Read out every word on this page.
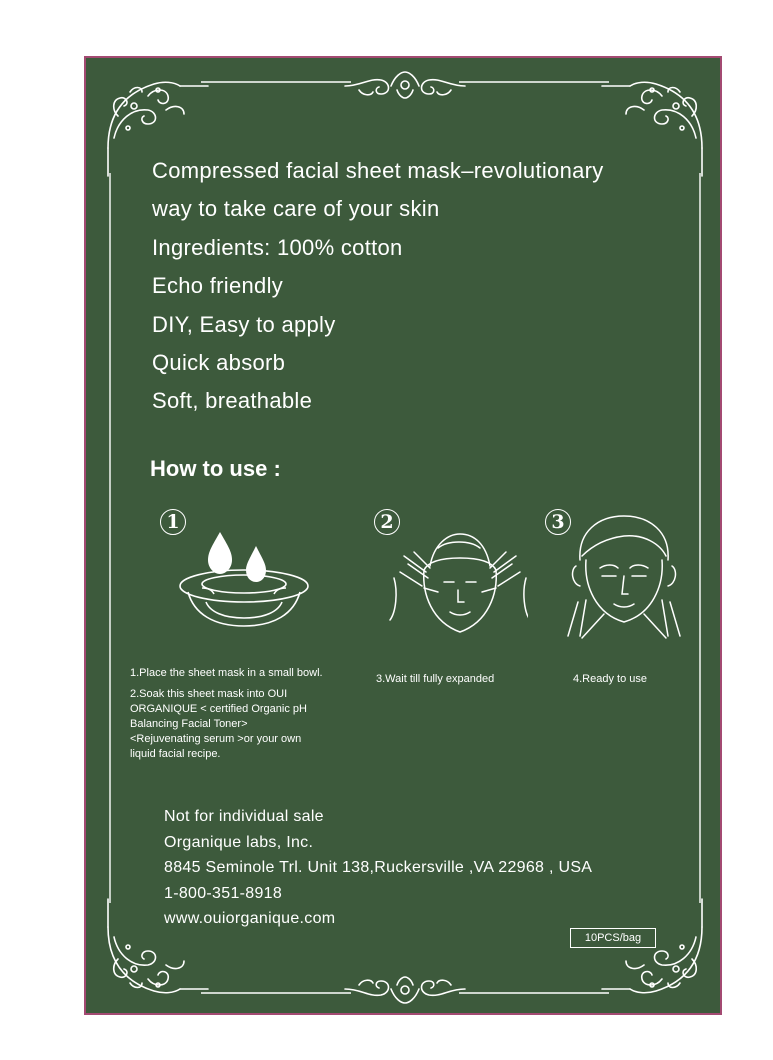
Compressed facial sheet mask–revolutionary
way to take care of your skin
Ingredients: 100% cotton
Echo friendly
DIY, Easy to apply
Quick absorb
Soft, breathable
How to use :
1	2	3
1.Place the sheet mask in a small bowl.
2.Soak this sheet mask into OUI
ORGANIQUE < certified Organic pH
Balancing Facial Toner>
<Rejuvenating serum >or your own
liquid facial recipe.
3.Wait till fully expanded	4.Ready to use
Not for individual sale
Organique labs, Inc.
8845 Seminole Trl. Unit 138,Ruckersville ,VA 22968 , USA
1-800-351-8918
www.ouiorganique.com
10PCS/bag
